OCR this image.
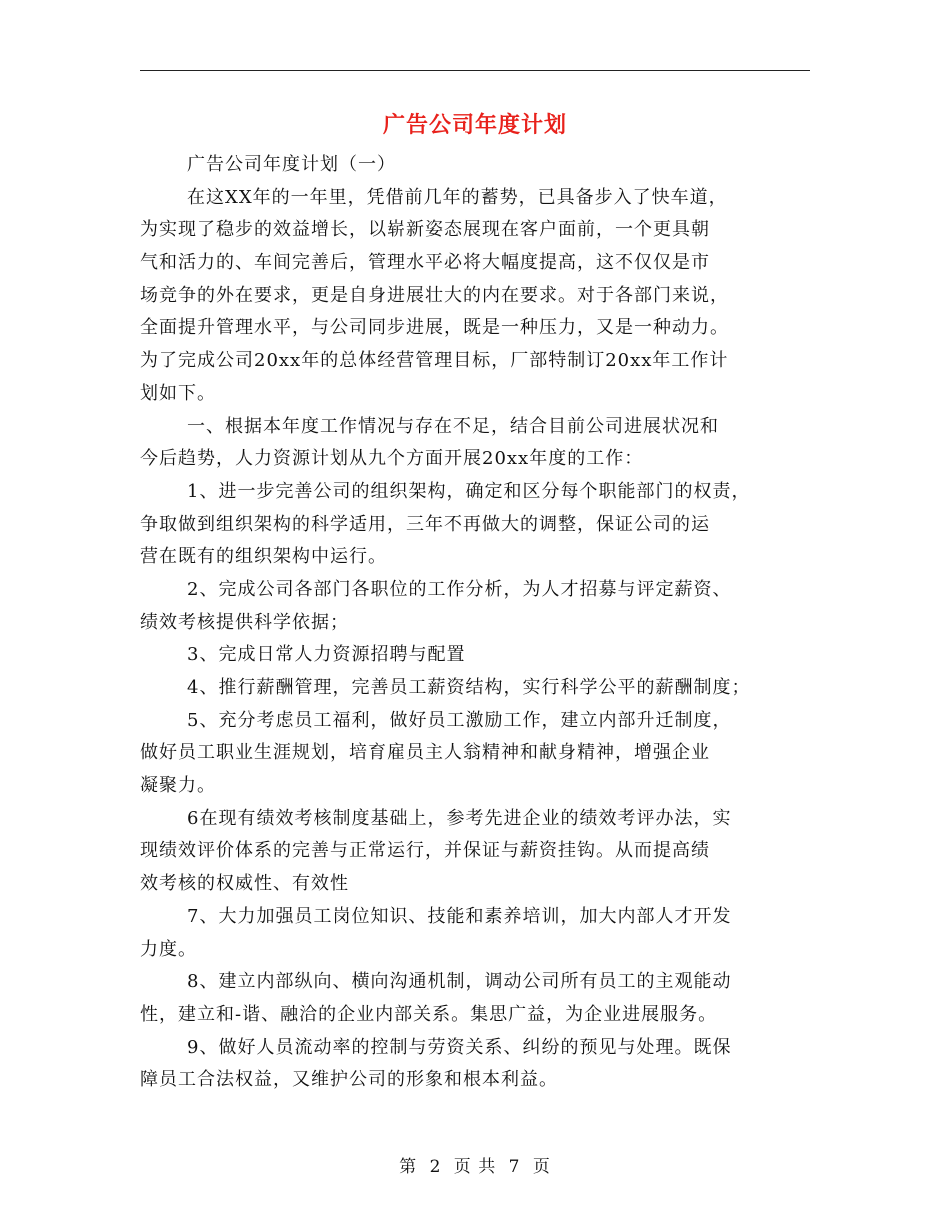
广告公司年度计划
广告公司年度计划（一）
在这XX年的一年里，凭借前几年的蓄势，已具备步入了快车道，
为实现了稳步的效益增长，以崭新姿态展现在客户面前，一个更具朝
气和活力的、车间完善后，管理水平必将大幅度提高，这不仅仅是市
场竞争的外在要求，更是自身进展壮大的内在要求。对于各部门来说，
全面提升管理水平，与公司同步进展，既是一种压力，又是一种动力。
为了完成公司20xx年的总体经营管理目标，厂部特制订20xx年工作计
划如下。
一、根据本年度工作情况与存在不足，结合目前公司进展状况和
今后趋势，人力资源计划从九个方面开展20xx年度的工作：
1、进一步完善公司的组织架构，确定和区分每个职能部门的权责，
争取做到组织架构的科学适用，三年不再做大的调整，保证公司的运
营在既有的组织架构中运行。
2、完成公司各部门各职位的工作分析，为人才招募与评定薪资、
绩效考核提供科学依据；
3、完成日常人力资源招聘与配置
4、推行薪酬管理，完善员工薪资结构，实行科学公平的薪酬制度；
5、充分考虑员工福利，做好员工激励工作，建立内部升迁制度，
做好员工职业生涯规划，培育雇员主人翁精神和献身精神，增强企业
凝聚力。
6在现有绩效考核制度基础上，参考先进企业的绩效考评办法，实
现绩效评价体系的完善与正常运行，并保证与薪资挂钩。从而提高绩
效考核的权威性、有效性
7、大力加强员工岗位知识、技能和素养培训，加大内部人才开发
力度。
8、建立内部纵向、横向沟通机制，调动公司所有员工的主观能动
性，建立和-谐、融洽的企业内部关系。集思广益，为企业进展服务。
9、做好人员流动率的控制与劳资关系、纠纷的预见与处理。既保
障员工合法权益，又维护公司的形象和根本利益。
第 2 页 共 7 页
